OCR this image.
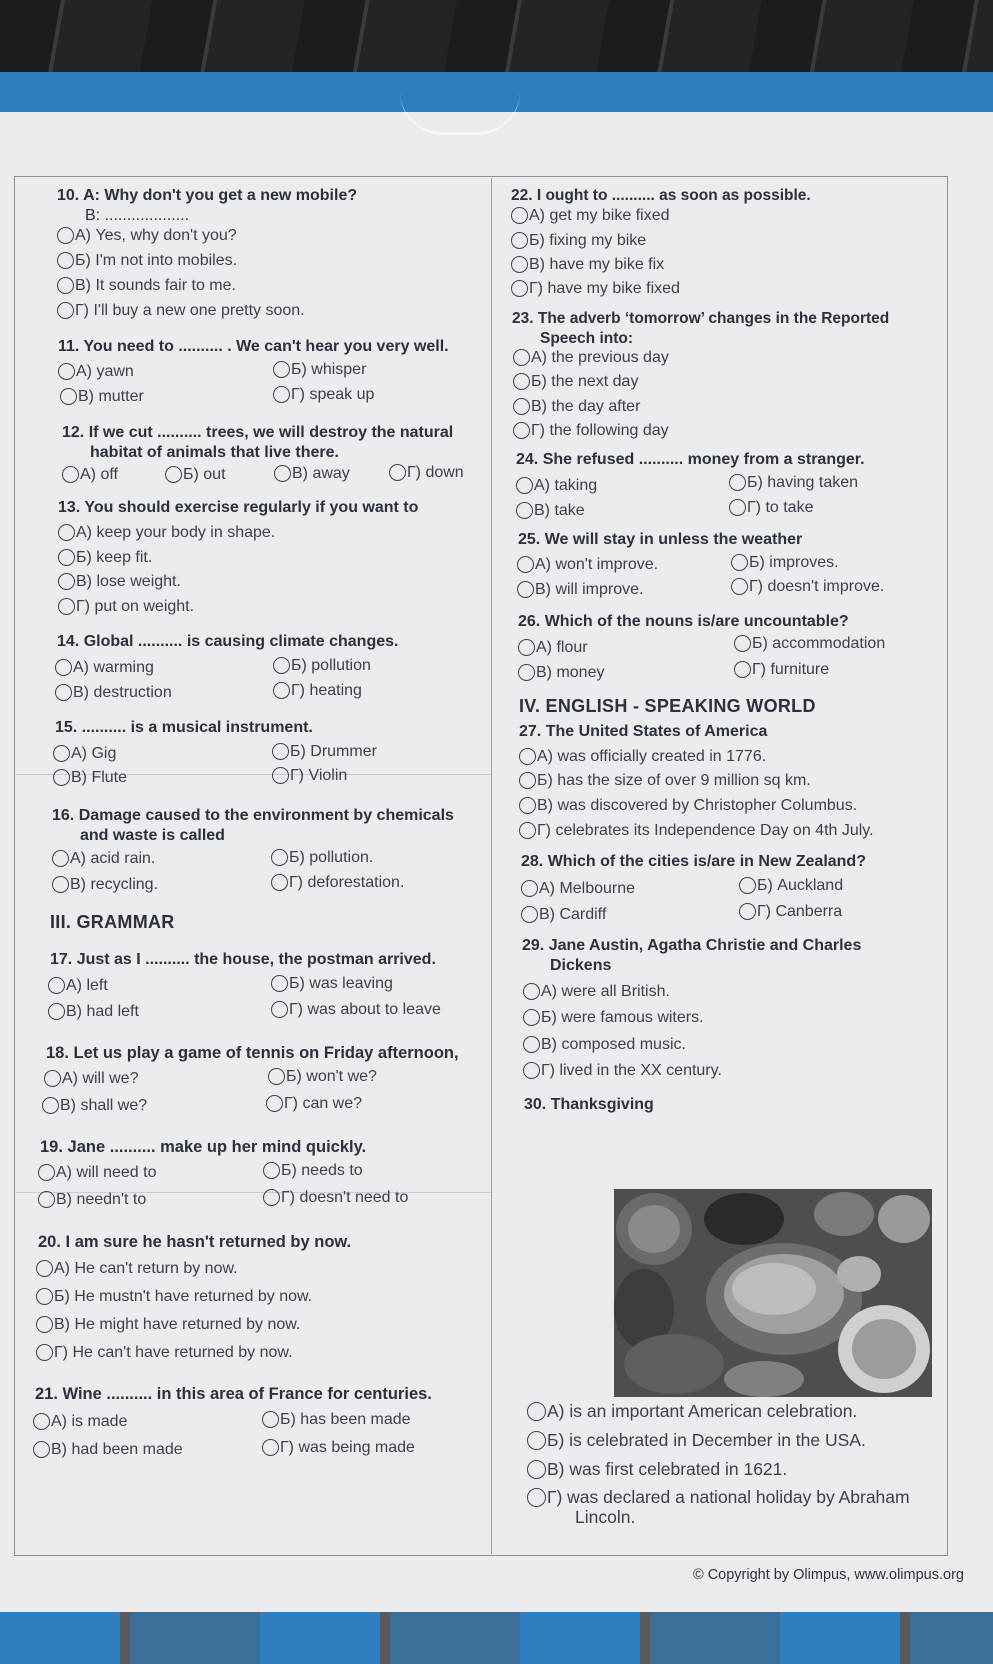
10. A: Why don't you get a new mobile?
B: ...................
А) Yes, why don't you?
Б) I'm not into mobiles.
В) It sounds fair to me.
Г) I'll buy a new one pretty soon.
11. You need to .......... . We can't hear you very well.
А) yawn	Б) whisper
В) mutter	Г) speak up
12. If we cut .......... trees, we will destroy the natural
habitat of animals that live there.
А) off	Б) out	В) away	Г) down
13. You should exercise regularly if you want to
А) keep your body in shape.
Б) keep fit.
В) lose weight.
Г) put on weight.
14. Global .......... is causing climate changes.
А) warming	Б) pollution
В) destruction	Г) heating
15. .......... is a musical instrument.
А) Gig	Б) Drummer
В) Flute	Г) Violin
16. Damage caused to the environment by chemicals
and waste is called
А) acid rain.	Б) pollution.
В) recycling.	Г) deforestation.
III. GRAMMAR
17. Just as I .......... the house, the postman arrived.
А) left	Б) was leaving
В) had left	Г) was about to leave
18. Let us play a game of tennis on Friday afternoon,
А) will we?	Б) won't we?
В) shall we?	Г) can we?
19. Jane .......... make up her mind quickly.
А) will need to	Б) needs to
В) needn't to	Г) doesn't need to
20. I am sure he hasn't returned by now.
А) He can't return by now.
Б) He mustn't have returned by now.
В) He might have returned by now.
Г) He can't have returned by now.
21. Wine .......... in this area of France for centuries.
А) is made	Б) has been made
В) had been made	Г) was being made
22. I ought to .......... as soon as possible.
А) get my bike fixed
Б) fixing my bike
В) have my bike fix
Г) have my bike fixed
23. The adverb ‘tomorrow’ changes in the Reported
Speech into:
А) the previous day
Б) the next day
В) the day after
Г) the following day
24. She refused .......... money from a stranger.
А) taking	Б) having taken
В) take	Г) to take
25. We will stay in unless the weather
А) won't improve.	Б) improves.
В) will improve.	Г) doesn't improve.
26. Which of the nouns is/are uncountable?
А) flour	Б) accommodation
В) money	Г) furniture
IV. ENGLISH - SPEAKING WORLD
27. The United States of America
А) was officially created in 1776.
Б) has the size of over 9 million sq km.
В) was discovered by Christopher Columbus.
Г) celebrates its Independence Day on 4th July.
28. Which of the cities is/are in New Zealand?
А) Melbourne	Б) Auckland
В) Cardiff	Г) Canberra
29. Jane Austin, Agatha Christie and Charles
Dickens
А) were all British.
Б) were famous witers.
В) composed music.
Г) lived in the XX century.
30. Thanksgiving
А) is an important American celebration.
Б) is celebrated in December in the USA.
В) was first celebrated in 1621.
Г) was declared a national holiday by Abraham
Lincoln.
© Copyright by Olimpus, www.olimpus.org
